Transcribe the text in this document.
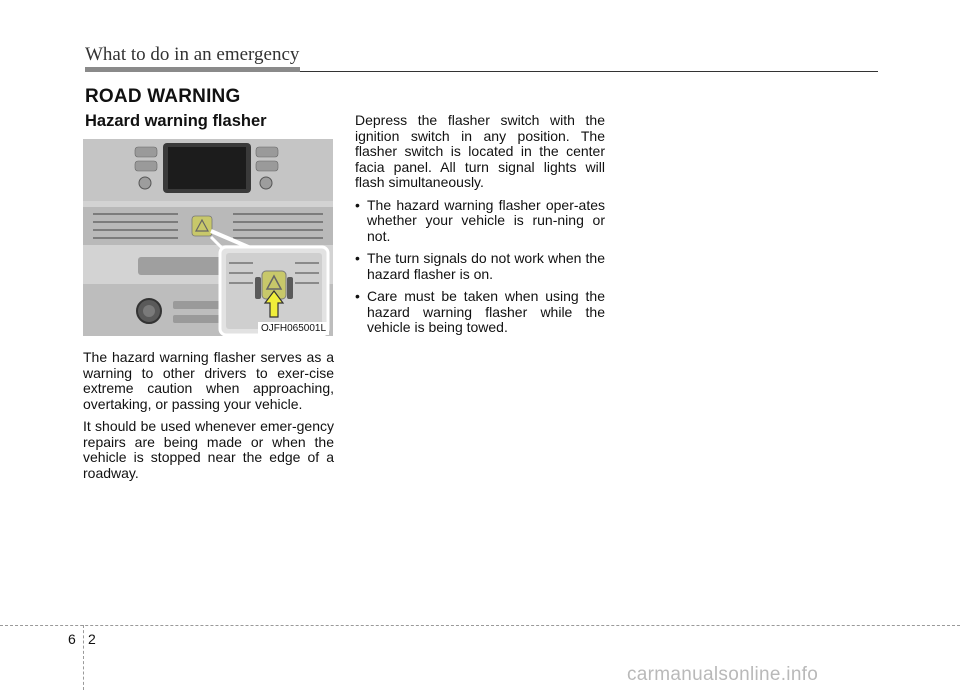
What to do in an emergency
ROAD WARNING
Hazard warning flasher
OJFH065001L

The hazard warning flasher serves as a warning to other drivers to exer-cise extreme caution when approaching, overtaking, or passing your vehicle.

It should be used whenever emer-gency repairs are being made or when the vehicle is stopped near the edge of a roadway.

Depress the flasher switch with the ignition switch in any position. The flasher switch is located in the center facia panel. All turn signal lights will flash simultaneously.

• The hazard warning flasher oper-ates whether your vehicle is run-ning or not.
• The turn signals do not work when the hazard flasher is on.
• Care must be taken when using the hazard warning flasher while the vehicle is being towed.
6 2
carmanualsonline.info
